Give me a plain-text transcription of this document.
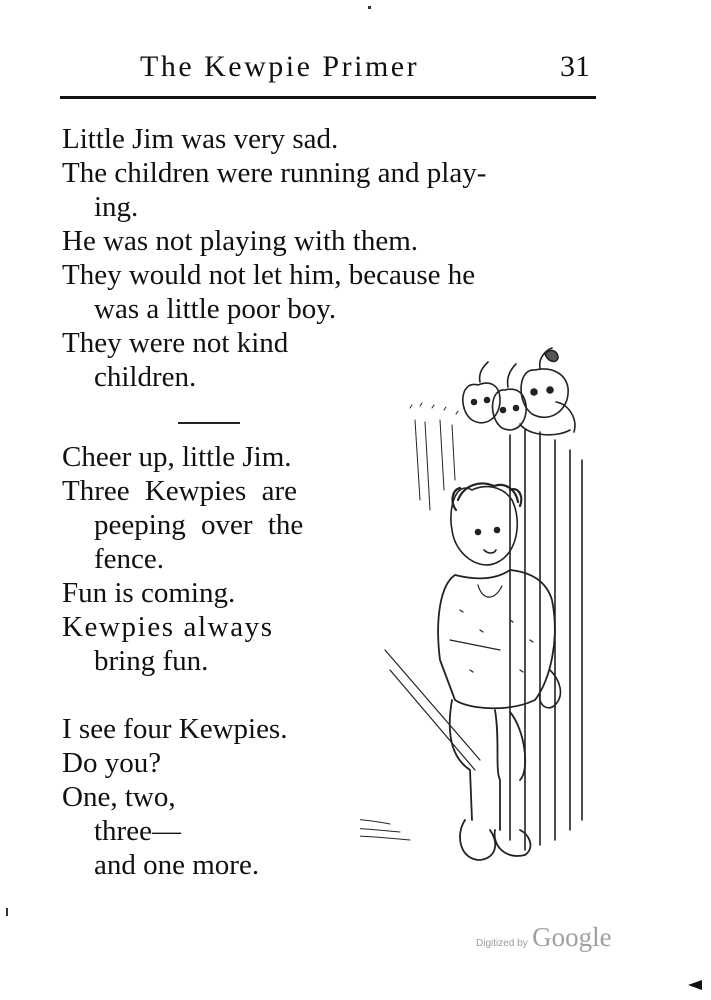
The Kewpie Primer	31

Little Jim was very sad.

The children were running and play-
ing.

He was not playing with them.

They would not let him, because he
was a little poor boy.

They were not kind
children.

Cheer up, little Jim.

Three Kewpies are
peeping over the
fence.

Fun is coming.

Kewpies always
bring fun.

I see four Kewpies.

Do you?

One, two,
three—
and one more.

Digitized by Google
